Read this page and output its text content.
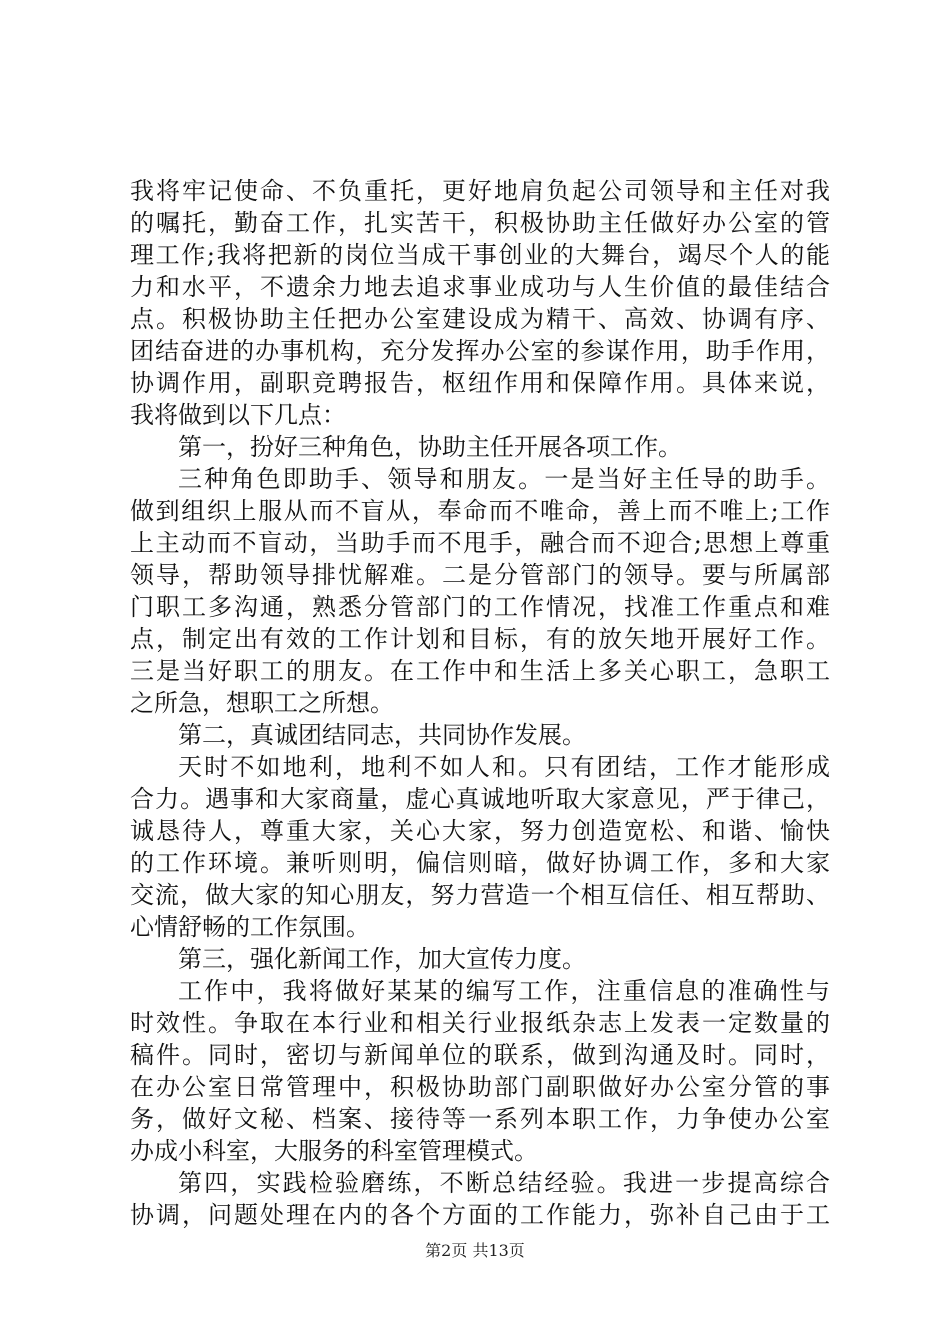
我将牢记使命、不负重托，更好地肩负起公司领导和主任对我
的嘱托，勤奋工作，扎实苦干，积极协助主任做好办公室的管
理工作;我将把新的岗位当成干事创业的大舞台，竭尽个人的能
力和水平，不遗余力地去追求事业成功与人生价值的最佳结合
点。积极协助主任把办公室建设成为精干、高效、协调有序、
团结奋进的办事机构，充分发挥办公室的参谋作用，助手作用，
协调作用，副职竞聘报告，枢纽作用和保障作用。具体来说，
我将做到以下几点：
第一，扮好三种角色，协助主任开展各项工作。
三种角色即助手、领导和朋友。一是当好主任导的助手。
做到组织上服从而不盲从，奉命而不唯命，善上而不唯上;工作
上主动而不盲动，当助手而不甩手，融合而不迎合;思想上尊重
领导，帮助领导排忧解难。二是分管部门的领导。要与所属部
门职工多沟通，熟悉分管部门的工作情况，找准工作重点和难
点，制定出有效的工作计划和目标，有的放矢地开展好工作。
三是当好职工的朋友。在工作中和生活上多关心职工，急职工
之所急，想职工之所想。
第二，真诚团结同志，共同协作发展。
天时不如地利，地利不如人和。只有团结，工作才能形成
合力。遇事和大家商量，虚心真诚地听取大家意见，严于律己，
诚恳待人，尊重大家，关心大家，努力创造宽松、和谐、愉快
的工作环境。兼听则明，偏信则暗，做好协调工作，多和大家
交流，做大家的知心朋友，努力营造一个相互信任、相互帮助、
心情舒畅的工作氛围。
第三，强化新闻工作，加大宣传力度。
工作中，我将做好某某的编写工作，注重信息的准确性与
时效性。争取在本行业和相关行业报纸杂志上发表一定数量的
稿件。同时，密切与新闻单位的联系，做到沟通及时。同时，
在办公室日常管理中，积极协助部门副职做好办公室分管的事
务，做好文秘、档案、接待等一系列本职工作，力争使办公室
办成小科室，大服务的科室管理模式。
第四，实践检验磨练，不断总结经验。我进一步提高综合
协调，问题处理在内的各个方面的工作能力，弥补自己由于工
第2页 共13页
